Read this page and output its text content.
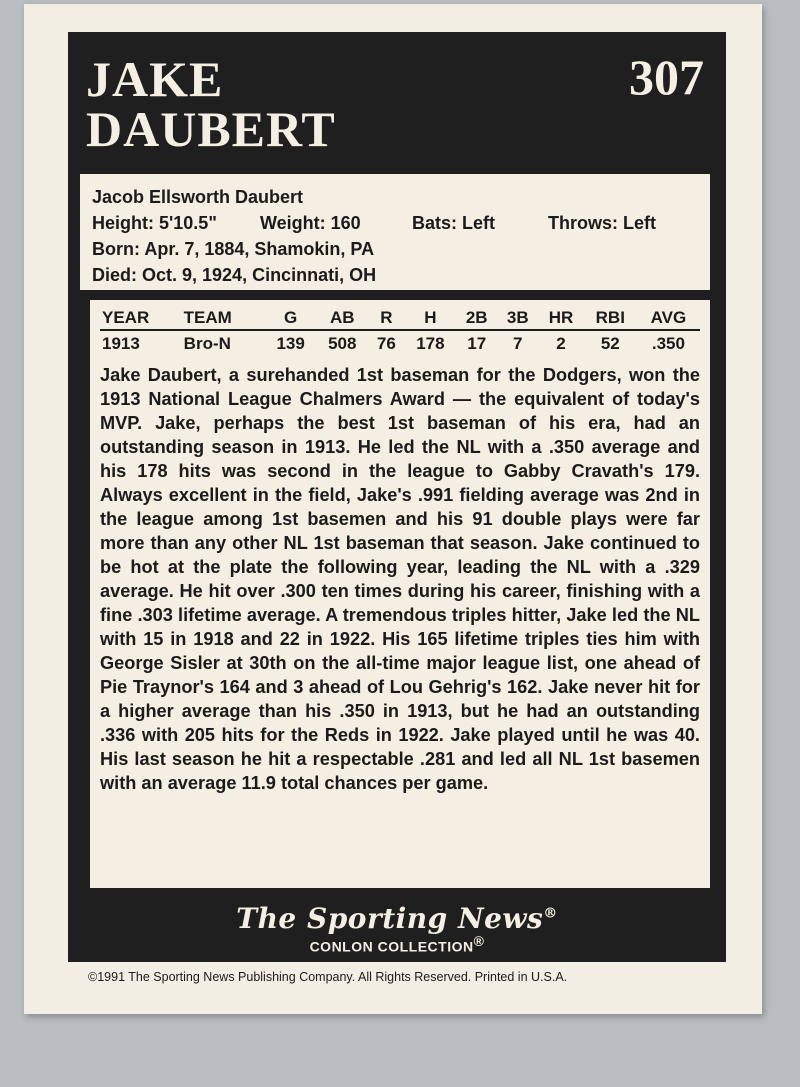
JAKE
DAUBERT
307
Jacob Ellsworth Daubert
Height: 5'10.5"	Weight: 160	Bats: Left	Throws: Left
Born: Apr. 7, 1884, Shamokin, PA
Died: Oct. 9, 1924, Cincinnati, OH
YEAR	TEAM	G	AB	R	H	2B	3B	HR	RBI	AVG
1913	Bro-N	139	508	76	178	17	7	2	52	.350
Jake Daubert, a surehanded 1st baseman for the Dodgers, won the 1913 National League Chalmers Award — the equivalent of today's MVP. Jake, perhaps the best 1st baseman of his era, had an outstanding season in 1913. He led the NL with a .350 average and his 178 hits was second in the league to Gabby Cravath's 179. Always excellent in the field, Jake's .991 fielding average was 2nd in the league among 1st basemen and his 91 double plays were far more than any other NL 1st baseman that season. Jake continued to be hot at the plate the following year, leading the NL with a .329 average. He hit over .300 ten times during his career, finishing with a fine .303 lifetime average. A tremendous triples hitter, Jake led the NL with 15 in 1918 and 22 in 1922. His 165 lifetime triples ties him with George Sisler at 30th on the all-time major league list, one ahead of Pie Traynor's 164 and 3 ahead of Lou Gehrig's 162. Jake never hit for a higher average than his .350 in 1913, but he had an outstanding .336 with 205 hits for the Reds in 1922. Jake played until he was 40. His last season he hit a respectable .281 and led all NL 1st basemen with an average 11.9 total chances per game.
The Sporting News®
CONLON COLLECTION®
©1991 The Sporting News Publishing Company. All Rights Reserved. Printed in U.S.A.
